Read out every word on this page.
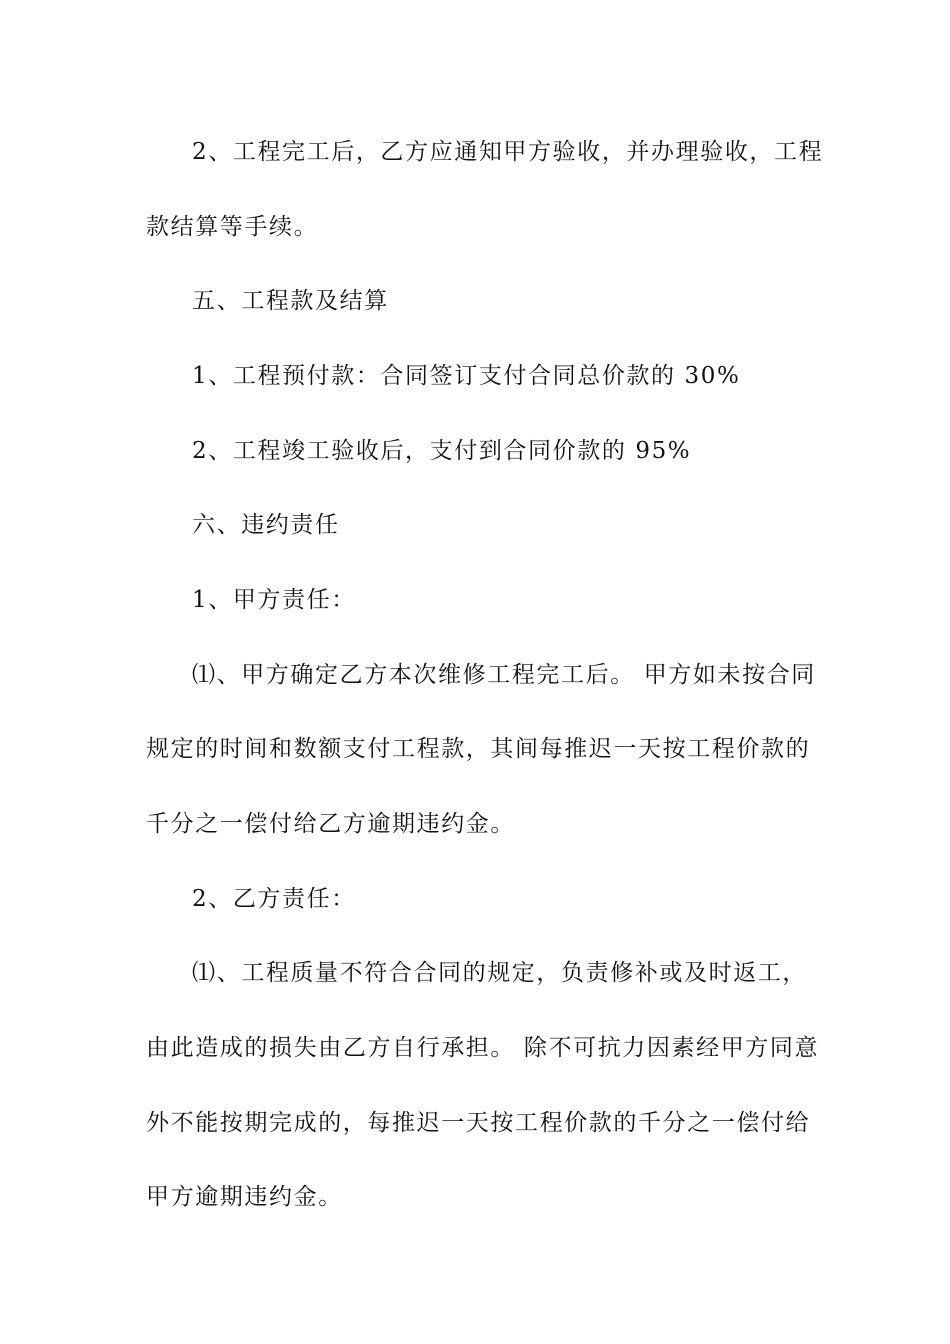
2、工程完工后，乙方应通知甲方验收，并办理验收，工程
款结算等手续。
五、工程款及结算
1、工程预付款：合同签订支付合同总价款的 30%
2、工程竣工验收后，支付到合同价款的 95%
六、违约责任
1、甲方责任：
⑴、甲方确定乙方本次维修工程完工后。 甲方如未按合同
规定的时间和数额支付工程款，其间每推迟一天按工程价款的
千分之一偿付给乙方逾期违约金。
2、乙方责任：
⑴、工程质量不符合合同的规定，负责修补或及时返工，
由此造成的损失由乙方自行承担。 除不可抗力因素经甲方同意
外不能按期完成的，每推迟一天按工程价款的千分之一偿付给
甲方逾期违约金。
